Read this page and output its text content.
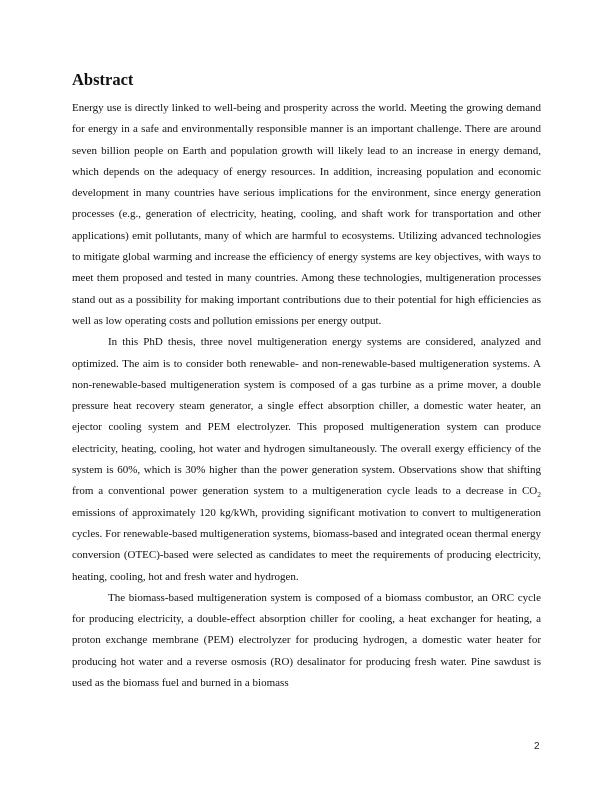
Abstract

Energy use is directly linked to well-being and prosperity across the world. Meeting the growing demand for energy in a safe and environmentally responsible manner is an important challenge. There are around seven billion people on Earth and population growth will likely lead to an increase in energy demand, which depends on the adequacy of energy resources. In addition, increasing population and economic development in many countries have serious implications for the environment, since energy generation processes (e.g., generation of electricity, heating, cooling, and shaft work for transportation and other applications) emit pollutants, many of which are harmful to ecosystems. Utilizing advanced technologies to mitigate global warming and increase the efficiency of energy systems are key objectives, with ways to meet them proposed and tested in many countries. Among these technologies, multigeneration processes stand out as a possibility for making important contributions due to their potential for high efficiencies as well as low operating costs and pollution emissions per energy output.

In this PhD thesis, three novel multigeneration energy systems are considered, analyzed and optimized. The aim is to consider both renewable- and non-renewable-based multigeneration systems. A non-renewable-based multigeneration system is composed of a gas turbine as a prime mover, a double pressure heat recovery steam generator, a single effect absorption chiller, a domestic water heater, an ejector cooling system and PEM electrolyzer. This proposed multigeneration system can produce electricity, heating, cooling, hot water and hydrogen simultaneously. The overall exergy efficiency of the system is 60%, which is 30% higher than the power generation system. Observations show that shifting from a conventional power generation system to a multigeneration cycle leads to a decrease in $CO_2$ emissions of approximately 120 kg/kWh, providing significant motivation to convert to multigeneration cycles. For renewable-based multigeneration systems, biomass-based and integrated ocean thermal energy conversion (OTEC)-based were selected as candidates to meet the requirements of producing electricity, heating, cooling, hot and fresh water and hydrogen.

The biomass-based multigeneration system is composed of a biomass combustor, an ORC cycle for producing electricity, a double-effect absorption chiller for cooling, a heat exchanger for heating, a proton exchange membrane (PEM) electrolyzer for producing hydrogen, a domestic water heater for producing hot water and a reverse osmosis (RO) desalinator for producing fresh water. Pine sawdust is used as the biomass fuel and burned in a biomass

2
